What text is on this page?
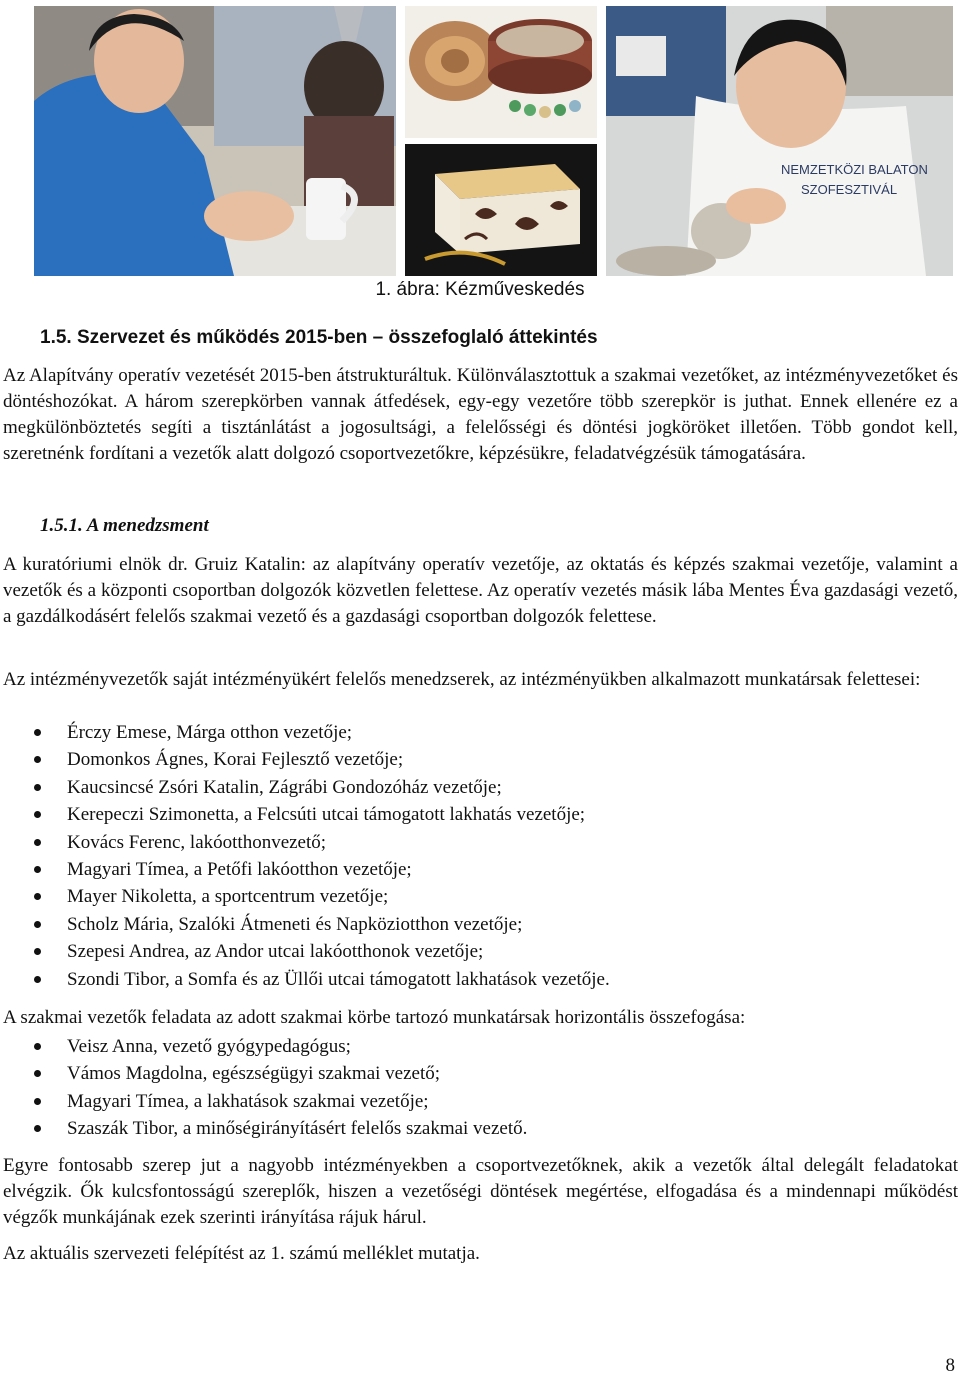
NEMZETKÖZI BALATON
SZOFESZTIVÁL
1. ábra: Kézműveskedés
1.5. Szervezet és működés 2015-ben – összefoglaló áttekintés

Az Alapítvány operatív vezetését 2015-ben átstrukturáltuk. Különválasztottuk a szakmai vezetőket, az intézményvezetőket és döntéshozókat. A három szerepkörben vannak átfedések, egy-egy vezetőre több szerepkör is juthat. Ennek ellenére ez a megkülönböztetés segíti a tisztánlátást a jogosultsági, a felelősségi és döntési jogköröket illetően. Több gondot kell, szeretnénk fordítani a vezetők alatt dolgozó csoportvezetőkre, képzésükre, feladatvégzésük támogatására.

1.5.1. A menedzsment

A kuratóriumi elnök dr. Gruiz Katalin: az alapítvány operatív vezetője, az oktatás és képzés szakmai vezetője, valamint a vezetők és a központi csoportban dolgozók közvetlen felettese. Az operatív vezetés másik lába Mentes Éva gazdasági vezető, a gazdálkodásért felelős szakmai vezető és a gazdasági csoportban dolgozók felettese.

Az intézményvezetők saját intézményükért felelős menedzserek, az intézményükben alkalmazott munkatársak felettesei:

Érczy Emese, Márga otthon vezetője;
Domonkos Ágnes, Korai Fejlesztő vezetője;
Kaucsincsé Zsóri Katalin, Zágrábi Gondozóház vezetője;
Kerepeczi Szimonetta, a Felcsúti utcai támogatott lakhatás vezetője;
Kovács Ferenc, lakóotthonvezető;
Magyari Tímea, a Petőfi lakóotthon vezetője;
Mayer Nikoletta, a sportcentrum vezetője;
Scholz Mária, Szalóki Átmeneti és Napköziotthon vezetője;
Szepesi Andrea, az Andor utcai lakóotthonok vezetője;
Szondi Tibor, a Somfa és az Üllői utcai támogatott lakhatások vezetője.

A szakmai vezetők feladata az adott szakmai körbe tartozó munkatársak horizontális összefogása:

Veisz Anna, vezető gyógypedagógus;
Vámos Magdolna, egészségügyi szakmai vezető;
Magyari Tímea, a lakhatások szakmai vezetője;
Szaszák Tibor, a minőségirányításért felelős szakmai vezető.

Egyre fontosabb szerep jut a nagyobb intézményekben a csoportvezetőknek, akik a vezetők által delegált feladatokat elvégzik. Ők kulcsfontosságú szereplők, hiszen a vezetőségi döntések megértése, elfogadása és a mindennapi működést végzők munkájának ezek szerinti irányítása rájuk hárul.

Az aktuális szervezeti felépítést az 1. számú melléklet mutatja.

8
